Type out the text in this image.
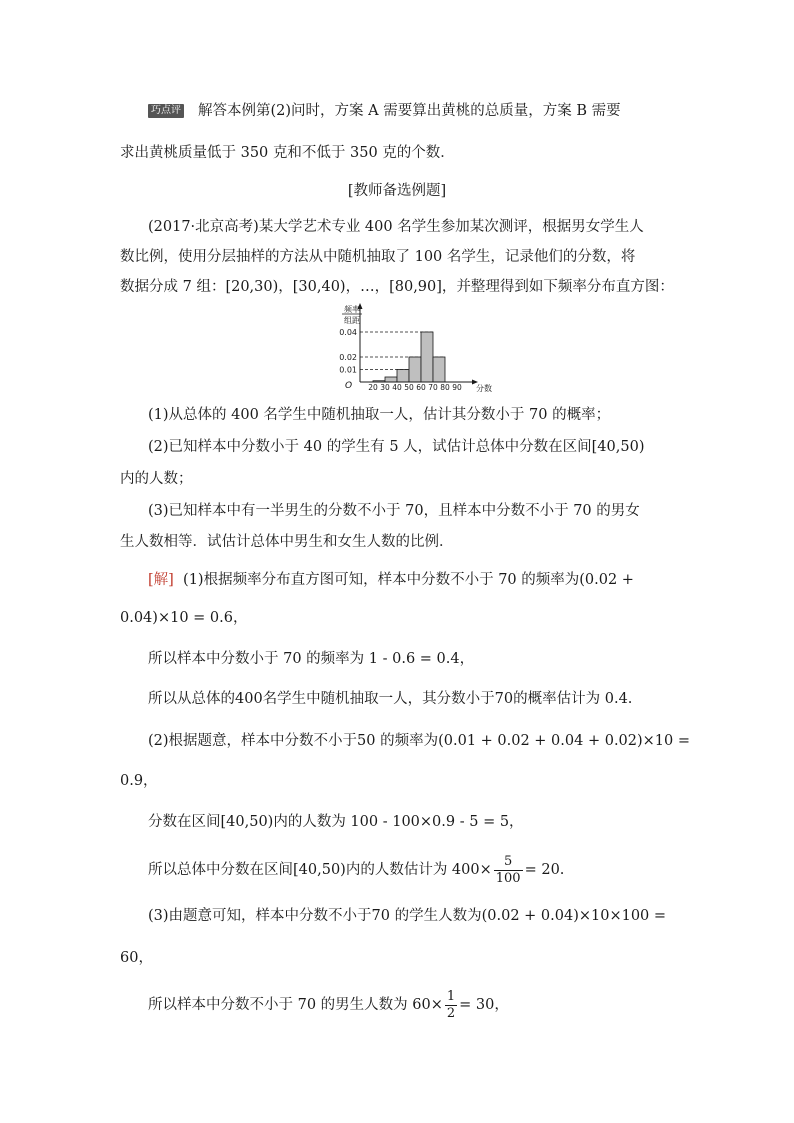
巧点评 解答本例第(2)问时，方案 A 需要算出黄桃的总质量，方案 B 需要
求出黄桃质量低于 350 克和不低于 350 克的个数．
[教师备选例题]
(2017·北京高考)某大学艺术专业 400 名学生参加某次测评，根据男女学生人
数比例，使用分层抽样的方法从中随机抽取了 100 名学生，记录他们的分数，将
数据分成 7 组：[20,30)，[30,40)，…，[80,90]，并整理得到如下频率分布直方图：
频率
组距
O	分数
0.01
0.02
0.04
20 30 40 50 60 70 80 90
(1)从总体的 400 名学生中随机抽取一人，估计其分数小于 70 的概率；
(2)已知样本中分数小于 40 的学生有 5 人，试估计总体中分数在区间[40,50)
内的人数；
(3)已知样本中有一半男生的分数不小于 70，且样本中分数不小于 70 的男女
生人数相等．试估计总体中男生和女生人数的比例．
[解] (1)根据频率分布直方图可知，样本中分数不小于 70 的频率为(0.02 +
0.04)×10 = 0.6，
所以样本中分数小于 70 的频率为 1 - 0.6 = 0.4，
所以从总体的400名学生中随机抽取一人，其分数小于70的概率估计为 0.4.
(2)根据题意，样本中分数不小于50 的频率为(0.01 + 0.02 + 0.04 + 0.02)×10 =
0.9，
分数在区间[40,50)内的人数为 100 - 100×0.9 - 5 = 5，
所以总体中分数在区间[40,50)内的人数估计为 $400\times \frac{5}{100} = 20$.
(3)由题意可知，样本中分数不小于70 的学生人数为(0.02 + 0.04)×10×100 =
60，
所以样本中分数不小于 70 的男生人数为 $60\times \frac{1}{2} = 30$，
